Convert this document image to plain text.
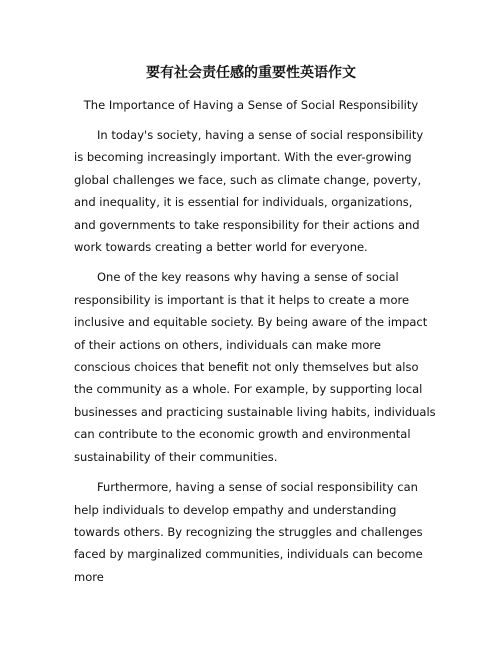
要有社会责任感的重要性英语作文
The Importance of Having a Sense of Social Responsibility

In today's society, having a sense of social responsibility is becoming increasingly important. With the ever-growing global challenges we face, such as climate change, poverty, and inequality, it is essential for individuals, organizations, and governments to take responsibility for their actions and work towards creating a better world for everyone.

One of the key reasons why having a sense of social responsibility is important is that it helps to create a more inclusive and equitable society. By being aware of the impact of their actions on others, individuals can make more conscious choices that benefit not only themselves but also the community as a whole. For example, by supporting local businesses and practicing sustainable living habits, individuals can contribute to the economic growth and environmental sustainability of their communities.

Furthermore, having a sense of social responsibility can help individuals to develop empathy and understanding towards others. By recognizing the struggles and challenges faced by marginalized communities, individuals can become more
